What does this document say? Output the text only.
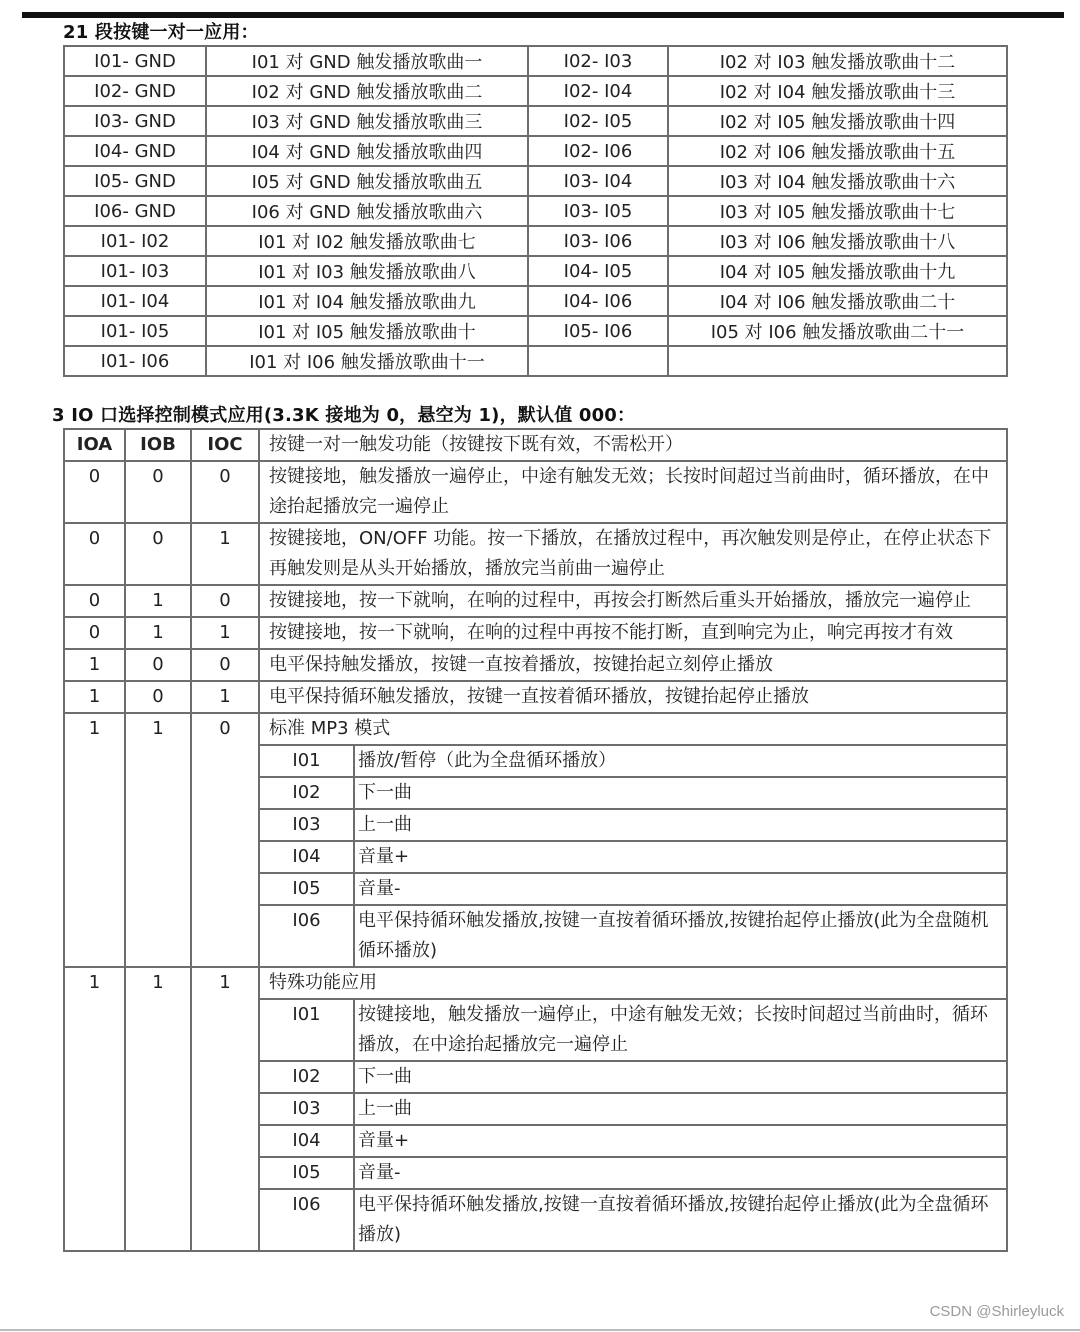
21 段按键一对一应用：
I01- GND	I01 对 GND 触发播放歌曲一	I02- I03	I02 对 I03 触发播放歌曲十二
I02- GND	I02 对 GND 触发播放歌曲二	I02- I04	I02 对 I04 触发播放歌曲十三
I03- GND	I03 对 GND 触发播放歌曲三	I02- I05	I02 对 I05 触发播放歌曲十四
I04- GND	I04 对 GND 触发播放歌曲四	I02- I06	I02 对 I06 触发播放歌曲十五
I05- GND	I05 对 GND 触发播放歌曲五	I03- I04	I03 对 I04 触发播放歌曲十六
I06- GND	I06 对 GND 触发播放歌曲六	I03- I05	I03 对 I05 触发播放歌曲十七
I01- I02	I01 对 I02 触发播放歌曲七	I03- I06	I03 对 I06 触发播放歌曲十八
I01- I03	I01 对 I03 触发播放歌曲八	I04- I05	I04 对 I05 触发播放歌曲十九
I01- I04	I01 对 I04 触发播放歌曲九	I04- I06	I04 对 I06 触发播放歌曲二十
I01- I05	I01 对 I05 触发播放歌曲十	I05- I06	I05 对 I06 触发播放歌曲二十一
I01- I06	I01 对 I06 触发播放歌曲十一		
3 IO 口选择控制模式应用(3.3K 接地为 0，悬空为 1)，默认值 000：
IOA	IOB	IOC	按键一对一触发功能（按键按下既有效，不需松开）
0	0	0	按键接地，触发播放一遍停止，中途有触发无效；长按时间超过当前曲时，循环播放，在中途抬起播放完一遍停止
0	0	1	按键接地，ON/OFF 功能。按一下播放，在播放过程中，再次触发则是停止，在停止状态下再触发则是从头开始播放，播放完当前曲一遍停止
0	1	0	按键接地，按一下就响，在响的过程中，再按会打断然后重头开始播放，播放完一遍停止
0	1	1	按键接地，按一下就响，在响的过程中再按不能打断，直到响完为止，响完再按才有效
1	0	0	电平保持触发播放，按键一直按着播放，按键抬起立刻停止播放
1	0	1	电平保持循环触发播放，按键一直按着循环播放，按键抬起停止播放
1	1	0	标准 MP3 模式
I01	播放/暂停（此为全盘循环播放）
I02	下一曲
I03	上一曲
I04	音量+
I05	音量-
I06	电平保持循环触发播放,按键一直按着循环播放,按键抬起停止播放(此为全盘随机循环播放)

1	1	1	特殊功能应用
I01	按键接地，触发播放一遍停止，中途有触发无效；长按时间超过当前曲时，循环播放，在中途抬起播放完一遍停止
I02	下一曲
I03	上一曲
I04	音量+
I05	音量-
I06	电平保持循环触发播放,按键一直按着循环播放,按键抬起停止播放(此为全盘循环播放)
CSDN @Shirleyluck
